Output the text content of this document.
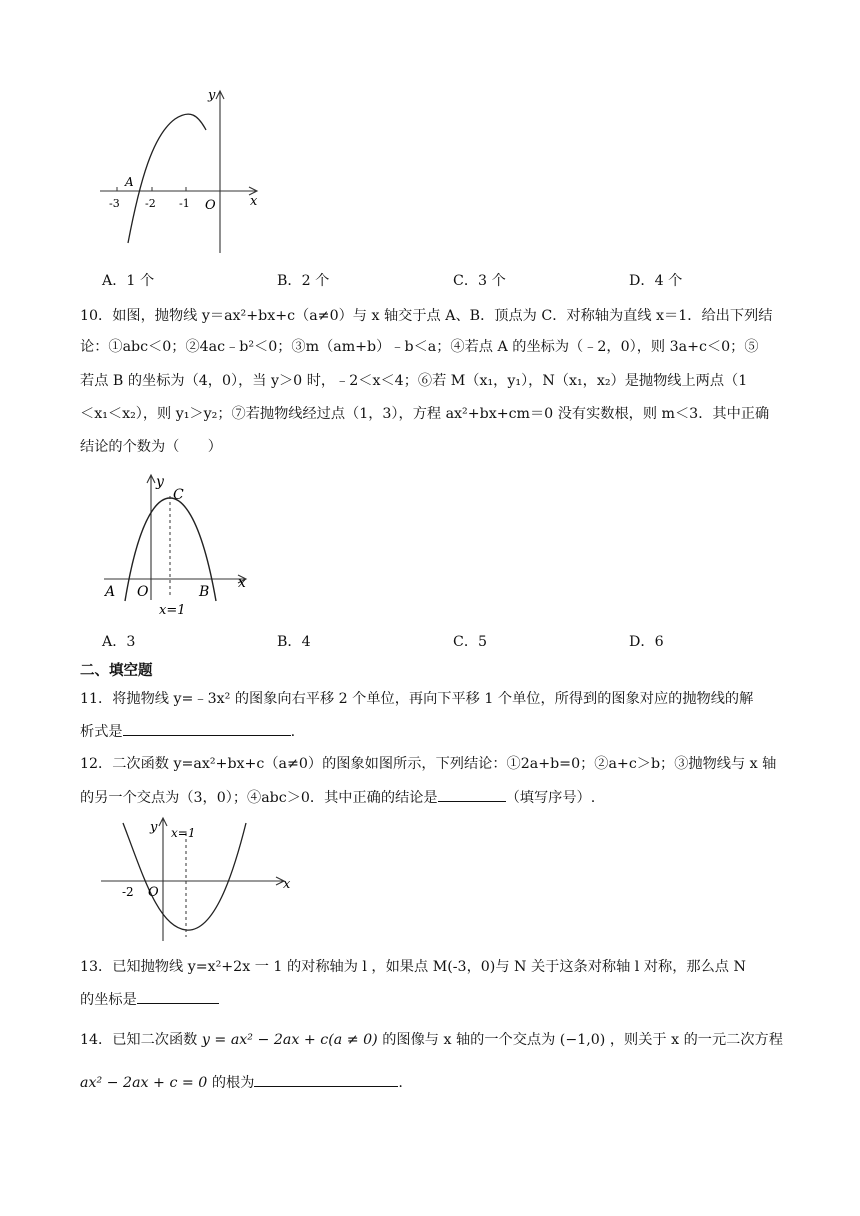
y
x
O
A
-3 -2 -1
A．1 个	B．2 个	C．3 个	D．4 个
10．如图，抛物线 y＝ax²+bx+c（a≠0）与 x 轴交于点 A、B．顶点为 C．对称轴为直线 x＝1．给出下列结
论：①abc＜0；②4ac﹣b²＜0；③m（am+b）﹣b＜a；④若点 A 的坐标为（﹣2，0），则 3a+c＜0；⑤
若点 B 的坐标为（4，0），当 y＞0 时，﹣2＜x＜4；⑥若 M（x₁，y₁），N（x₁，x₂）是抛物线上两点（1
＜x₁＜x₂），则 y₁＞y₂；⑦若抛物线经过点（1，3），方程 ax²+bx+cm＝0 没有实数根，则 m＜3．其中正确
结论的个数为（　　）
y
C
x
A O	B
x=1
A．3	B．4	C．5	D．6
二、填空题
11．将抛物线 y=﹣3x² 的图象向右平移 2 个单位，再向下平移 1 个单位，所得到的图象对应的抛物线的解
析式是	.
12．二次函数 y=ax²+bx+c（a≠0）的图象如图所示，下列结论：①2a+b=0；②a+c＞b；③抛物线与 x 轴
的另一个交点为（3，0）；④abc＞0．其中正确的结论是	（填写序号）.
y x=1
x
-2 O
13．已知抛物线 y=x²+2x 一 1 的对称轴为 l ，如果点 M(-3，0)与 N 关于这条对称轴 l 对称，那么点 N
的坐标是
14．已知二次函数 y = ax² − 2ax + c(a ≠ 0) 的图像与 x 轴的一个交点为 (−1,0) ，则关于 x 的一元二次方程
ax² − 2ax + c = 0 的根为	.
